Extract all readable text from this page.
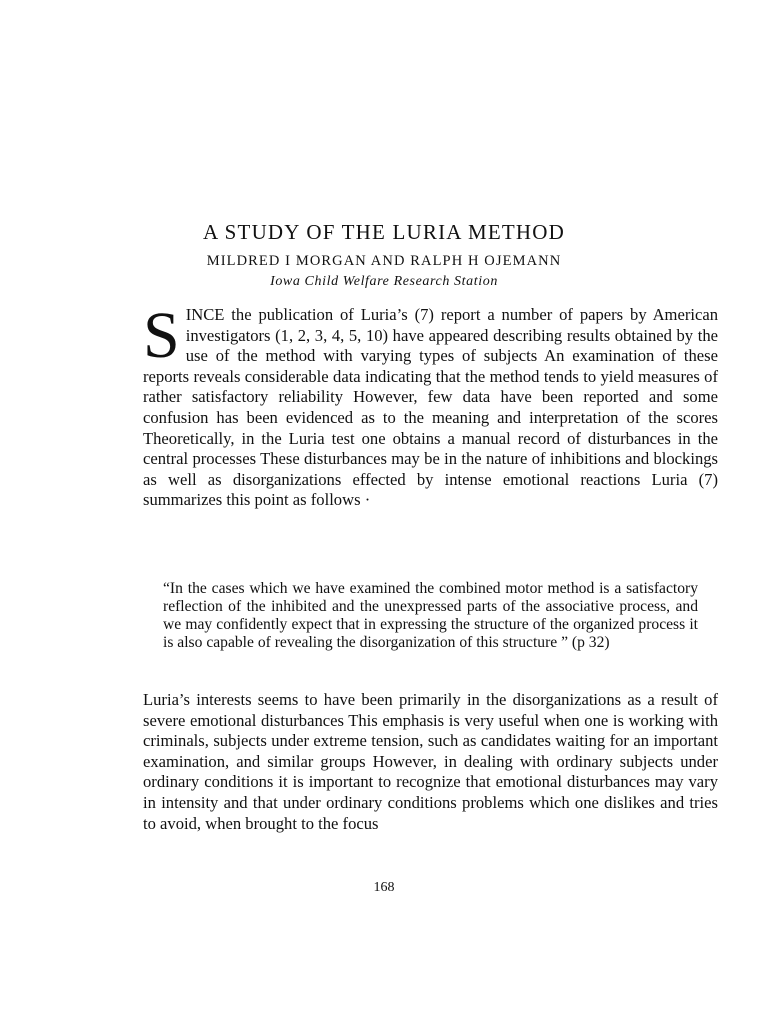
A STUDY OF THE LURIA METHOD

MILDRED I MORGAN AND RALPH H OJEMANN

Iowa Child Welfare Research Station

SINCE the publication of Luria’s (7) report a number of papers by American investigators (1, 2, 3, 4, 5, 10) have appeared describing results obtained by the use of the method with varying types of subjects An examination of these reports reveals considerable data indicating that the method tends to yield measures of rather satisfactory reliability However, few data have been reported and some confusion has been evidenced as to the meaning and interpretation of the scores Theoretically, in the Luria test one obtains a manual record of disturbances in the central processes These disturbances may be in the nature of inhibitions and blockings as well as disorganizations effected by intense emotional reactions Luria (7) summarizes this point as follows ·

“In the cases which we have examined the combined motor method is a satisfactory reflection of the inhibited and the unexpressed parts of the associative process, and we may confidently expect that in expressing the structure of the organized process it is also capable of revealing the disorganization of this structure ” (p 32)

Luria’s interests seems to have been primarily in the disorganizations as a result of severe emotional disturbances This emphasis is very useful when one is working with criminals, subjects under extreme tension, such as candidates waiting for an important examination, and similar groups However, in dealing with ordinary subjects under ordinary conditions it is important to recognize that emotional disturbances may vary in intensity and that under ordinary conditions problems which one dislikes and tries to avoid, when brought to the focus

168
